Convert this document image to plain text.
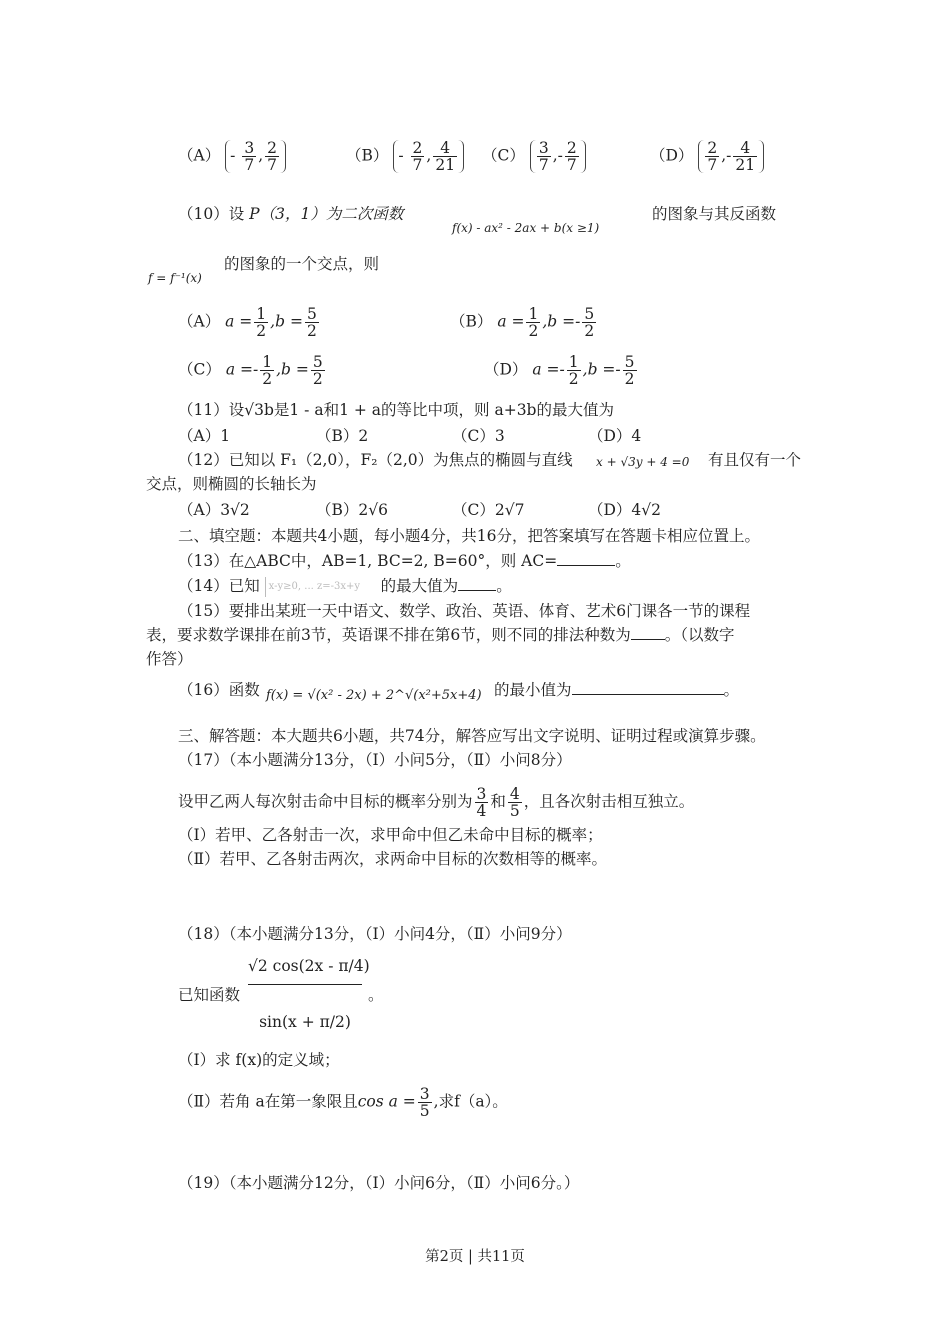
$(A) - \frac{3}{7}$ , $\frac{2}{7}$	$(B) - \frac{2}{7}$ , $\frac{4}{21} (C) \frac{3}{7}$ ,- $\frac{2}{7}$	$(D) \frac{2}{7}$ ,- $\frac{4}{21}$
（10）设 P（3，1）为二次函数
f(x) - ax² - 2ax + b(x ≥1)
的图象与其反函数
f = f⁻¹(x)
的图象的一个交点，则
（A） $a = \frac{1}{2} ,b = \frac{5}{2}$	（B） $a = \frac{1}{2} ,b =- \frac{5}{2}$
（C） $a =- \frac{1}{2} ,b = \frac{5}{2}$	（D） $a =- \frac{1}{2} ,b =- \frac{5}{2}$
（11）设√3b是1 - a和1 + a的等比中项，则 a+3b的最大值为
（A）1	（B）2	（C）3	（D）4
（12）已知以 F₁（2,0），F₂（2,0）为焦点的椭圆与直线 x + √3y + 4 =0 有且仅有一个
交点，则椭圆的长轴长为
（A）3√2	（B）2√6	（C）2√7	（D）4√2
二、填空题：本题共4小题，每小题4分，共16分，把答案填写在答题卡相应位置上。
（13）在△ABC中，AB=1, BC=2, B=60°，则 AC=	。
（14）已知 x-y≥0, ... z=-3x+y 的最大值为 。
（15）要排出某班一天中语文、数学、政治、英语、体育、艺术6门课各一节的课程
表，要求数学课排在前3节，英语课不排在第6节，则不同的排法种数为 。（以数字
作答）
（16）函数 f(x) = √(x² - 2x) + 2^√(x²+5x+4) 的最小值为	。
三、解答题：本大题共6小题，共74分，解答应写出文字说明、证明过程或演算步骤。
（17）（本小题满分13分，（Ⅰ）小问5分，（Ⅱ）小问8分）
设甲乙两人每次射击命中目标的概率分别为 $\frac{3}{4}$ 和 $\frac{4}{5}$ ，且各次射击相互独立。
（Ⅰ）若甲、乙各射击一次，求甲命中但乙未命中目标的概率；
（Ⅱ）若甲、乙各射击两次，求两命中目标的次数相等的概率。
（18）（本小题满分13分，（Ⅰ）小问4分，（Ⅱ）小问9分）
已知函数
√2 cos(2x - π/4)
sin(x + π/2)
。
（Ⅰ）求 f(x)的定义域；
（Ⅱ）若角 a在第一象限且$\cos a = \frac{3}{5}$ ,求f（a）。
（19）（本小题满分12分，（Ⅰ）小问6分，（Ⅱ）小问6分。）
第2页 | 共11页
